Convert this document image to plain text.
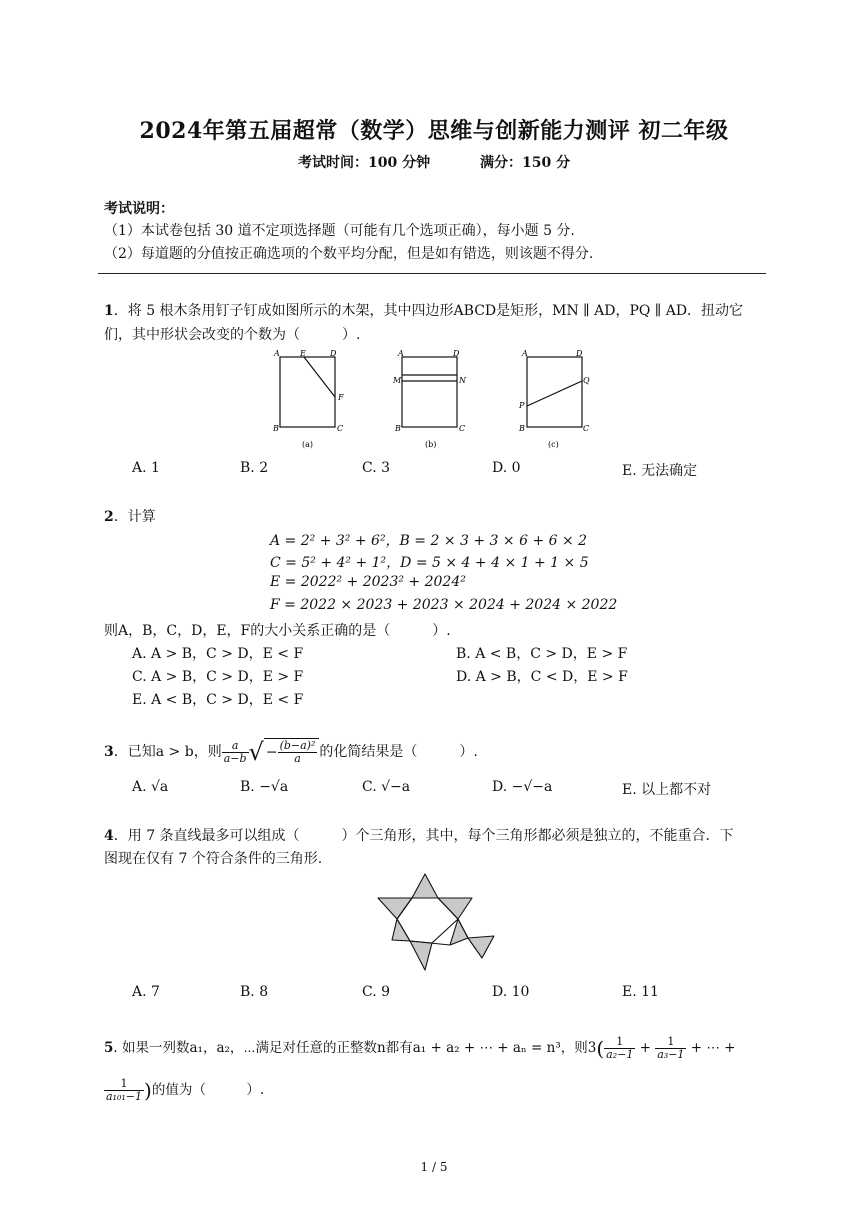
2024年第五届超常（数学）思维与创新能力测评 初二年级
考试时间：100 分钟	满分：150 分
考试说明：
（1）本试卷包括 30 道不定项选择题（可能有几个选项正确），每小题 5 分.
（2）每道题的分值按正确选项的个数平均分配，但是如有错选，则该题不得分.
1．将 5 根木条用钉子钉成如图所示的木架，其中四边形ABCD是矩形，MN ∥ AD，PQ ∥ AD．扭动它
们，其中形状会改变的个数为（　　　）.
A	E	D
F
B	C
(a)
A	D
M	N
B	C
(b)
A	D
Q
P
B	C
(c)
A. 1	B. 2	C. 3	D. 0	E. 无法确定
2．计算
A = 2² + 3² + 6²，B = 2 × 3 + 3 × 6 + 6 × 2
C = 5² + 4² + 1²，D = 5 × 4 + 4 × 1 + 1 × 5
E = 2022² + 2023² + 2024²
F = 2022 × 2023 + 2023 × 2024 + 2024 × 2022
则A，B，C，D，E，F的大小关系正确的是（　　　）.
A. A > B，C > D，E < F	B. A < B，C > D，E > F
C. A > B，C > D，E > F	D. A > B，C < D，E > F
E. A < B，C > D，E < F
3．已知a > b，则 $\frac{a}{a-b}$ √ − $\frac{\text{(b−a)²}}{a}$ 的化简结果是（　　　）.
A. √a	B. −√a	C. √−a	D. −√−a	E. 以上都不对
4．用 7 条直线最多可以组成（　　　）个三角形，其中，每个三角形都必须是独立的，不能重合．下
图现在仅有 7 个符合条件的三角形.
A. 7	B. 8	C. 9	D. 10	E. 11
5. 如果一列数a₁，a₂，⋯满足对任意的正整数n都有a₁ + a₂ + ⋯ + aₙ = n³，则$3( \frac{1}{\text{a₂−1}} + \frac{1}{\text{a₃−1}}$ + ⋯ +
$\frac{1}{\text{a₁₀₁−1}}$ )的值为（　　　）.
1 / 5
